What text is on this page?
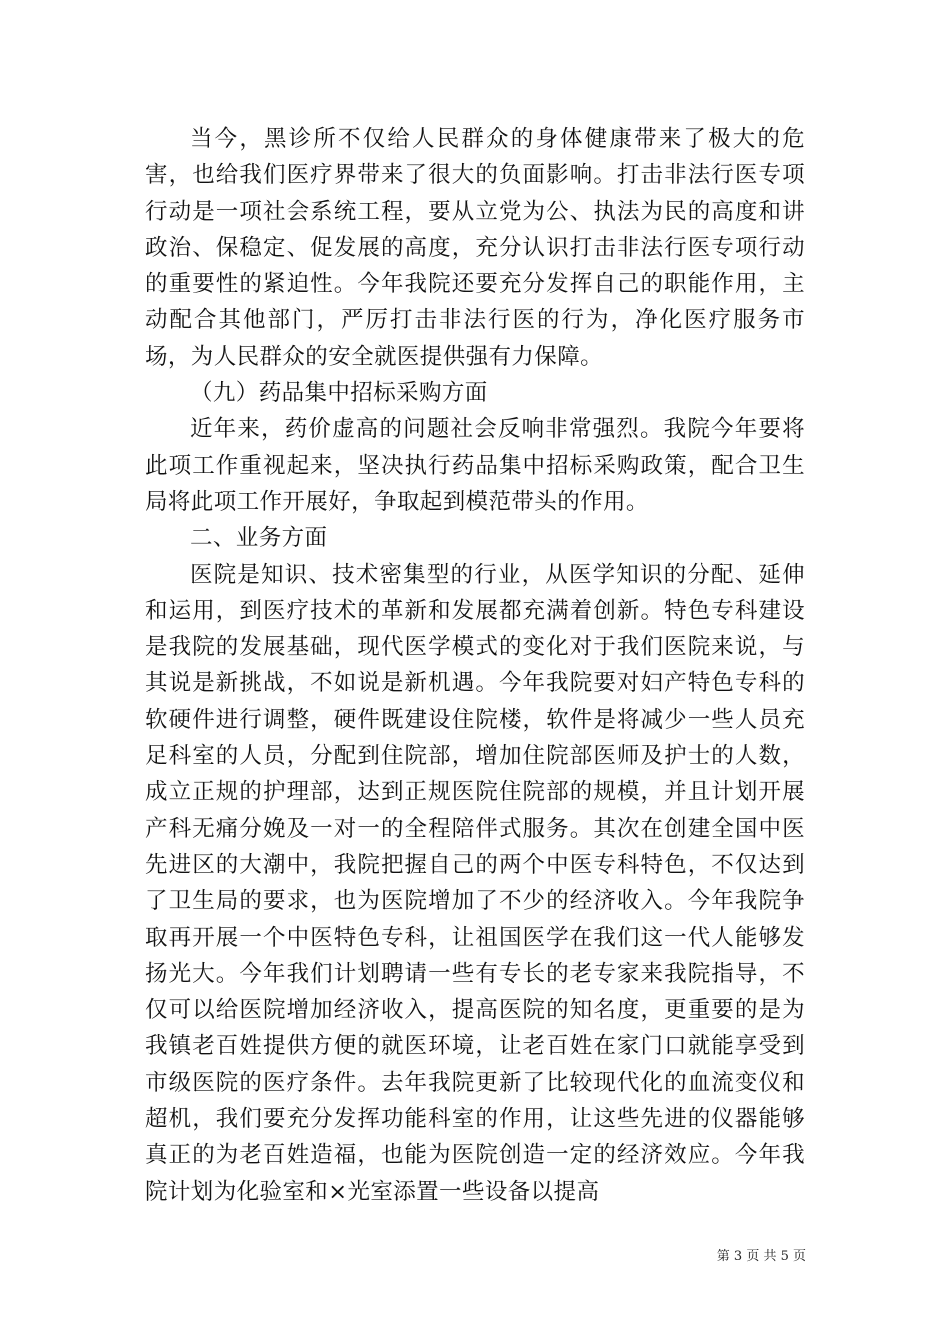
当今，黑诊所不仅给人民群众的身体健康带来了极大的危害，也给我们医疗界带来了很大的负面影响。打击非法行医专项行动是一项社会系统工程，要从立党为公、执法为民的高度和讲政治、保稳定、促发展的高度，充分认识打击非法行医专项行动的重要性的紧迫性。今年我院还要充分发挥自己的职能作用，主动配合其他部门，严厉打击非法行医的行为，净化医疗服务市场，为人民群众的安全就医提供强有力保障。

（九）药品集中招标采购方面

近年来，药价虚高的问题社会反响非常强烈。我院今年要将此项工作重视起来，坚决执行药品集中招标采购政策，配合卫生局将此项工作开展好，争取起到模范带头的作用。

二、业务方面

医院是知识、技术密集型的行业，从医学知识的分配、延伸和运用，到医疗技术的革新和发展都充满着创新。特色专科建设是我院的发展基础，现代医学模式的变化对于我们医院来说，与其说是新挑战，不如说是新机遇。今年我院要对妇产特色专科的软硬件进行调整，硬件既建设住院楼，软件是将减少一些人员充足科室的人员，分配到住院部，增加住院部医师及护士的人数，成立正规的护理部，达到正规医院住院部的规模，并且计划开展产科无痛分娩及一对一的全程陪伴式服务。其次在创建全国中医先进区的大潮中，我院把握自己的两个中医专科特色，不仅达到了卫生局的要求，也为医院增加了不少的经济收入。今年我院争取再开展一个中医特色专科，让祖国医学在我们这一代人能够发扬光大。今年我们计划聘请一些有专长的老专家来我院指导，不仅可以给医院增加经济收入，提高医院的知名度，更重要的是为我镇老百姓提供方便的就医环境，让老百姓在家门口就能享受到市级医院的医疗条件。去年我院更新了比较现代化的血流变仪和超机，我们要充分发挥功能科室的作用，让这些先进的仪器能够真正的为老百姓造福，也能为医院创造一定的经济效应。今年我院计划为化验室和×光室添置一些设备以提高

第 3 页 共 5 页
